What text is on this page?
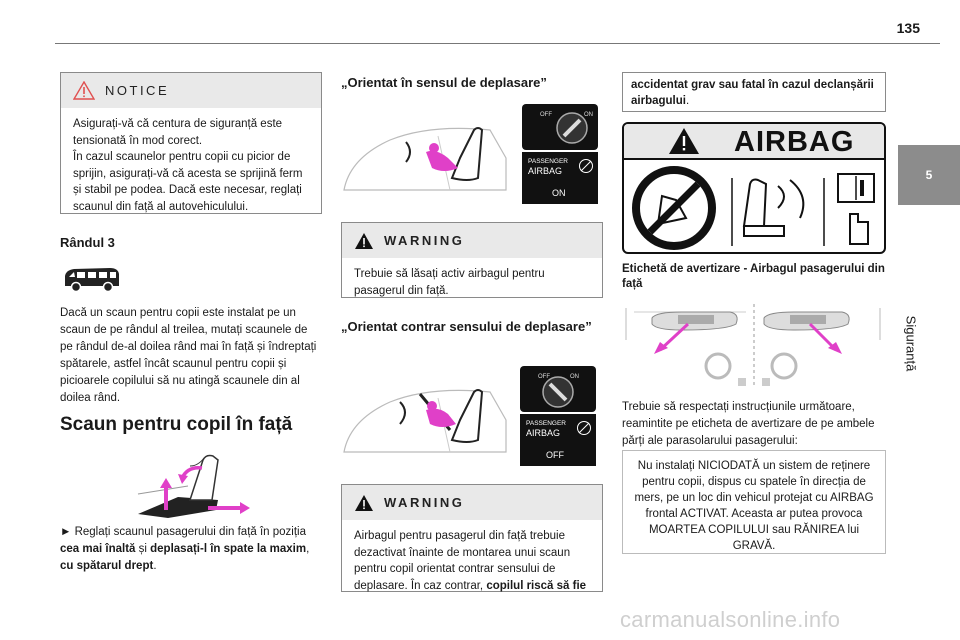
135
5
Siguranță
NOTICE
Asigurați-vă că centura de siguranță este tensionată în mod corect.
În cazul scaunelor pentru copii cu picior de sprijin, asigurați-vă că acesta se sprijină ferm și stabil pe podea. Dacă este necesar, reglați scaunul din față al autovehiculului.
Rândul 3
Dacă un scaun pentru copii este instalat pe un scaun de pe rândul al treilea, mutați scaunele de pe rândul de-al doilea rând mai în față și îndreptați spătarele, astfel încât scaunul pentru copii și picioarele copilului să nu atingă scaunele din al doilea rând.
Scaun pentru copil în față
► Reglați scaunul pasagerului din față în poziția cea mai înaltă și deplasați-l în spate la maxim, cu spătarul drept.
„Orientat în sensul de deplasare”
OFF	ON
PASSENGER
AIRBAG
ON
WARNING
Trebuie să lăsați activ airbagul pentru pasagerul din față.
„Orientat contrar sensului de deplasare”
OFF	ON
PASSENGER
AIRBAG
OFF
WARNING
Airbagul pentru pasagerul din față trebuie dezactivat înainte de montarea unui scaun pentru copil orientat contrar sensului de deplasare. În caz contrar, copilul riscă să fie
accidentat grav sau fatal în cazul declanșării airbagului.
AIRBAG
Etichetă de avertizare - Airbagul pasagerului din față
Trebuie să respectați instrucțiunile următoare, reamintite pe eticheta de avertizare de pe ambele părți ale parasolarului pasagerului:
Nu instalați NICIODATĂ un sistem de reținere pentru copii, dispus cu spatele în direcția de mers, pe un loc din vehicul protejat cu AIRBAG frontal ACTIVAT. Aceasta ar putea provoca MOARTEA COPILULUI sau RĂNIREA lui GRAVĂ.
carmanualsonline.info
